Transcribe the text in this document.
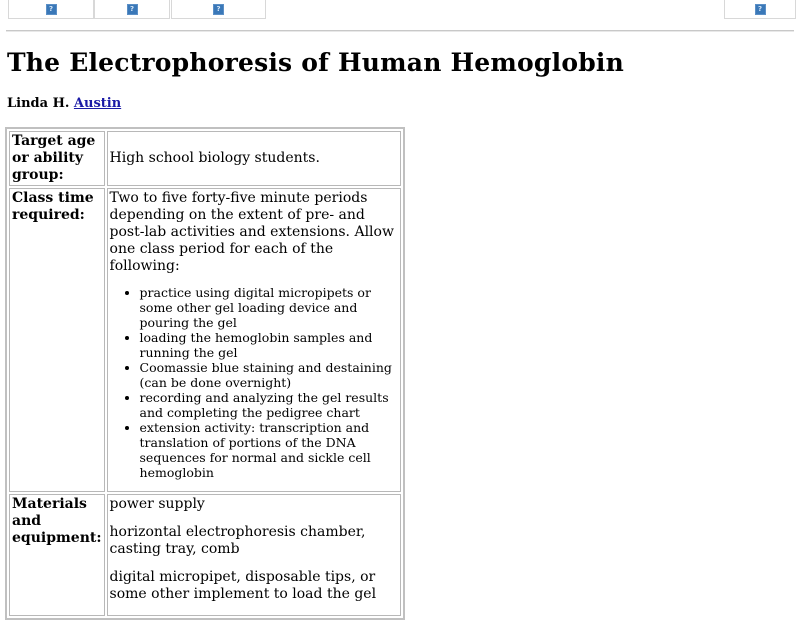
?	?	?	?
The Electrophoresis of Human Hemoglobin
Linda H. Austin
Target age or ability group:	High school biology students.
Class time required:	
Two to five forty-five minute periods depending on the extent of pre- and post-lab activities and extensions. Allow one class period for each of the following:
• practice using digital micropipets or some other gel loading device and pouring the gel
• loading the hemoglobin samples and running the gel
• Coomassie blue staining and destaining (can be done overnight)
• recording and analyzing the gel results and completing the pedigree chart
• extension activity: transcription and translation of portions of the DNA sequences for normal and sickle cell hemoglobin

Materials and equipment:	power supply

horizontal electrophoresis chamber, casting tray, comb

digital micropipet, disposable tips, or some other implement to load the gel
